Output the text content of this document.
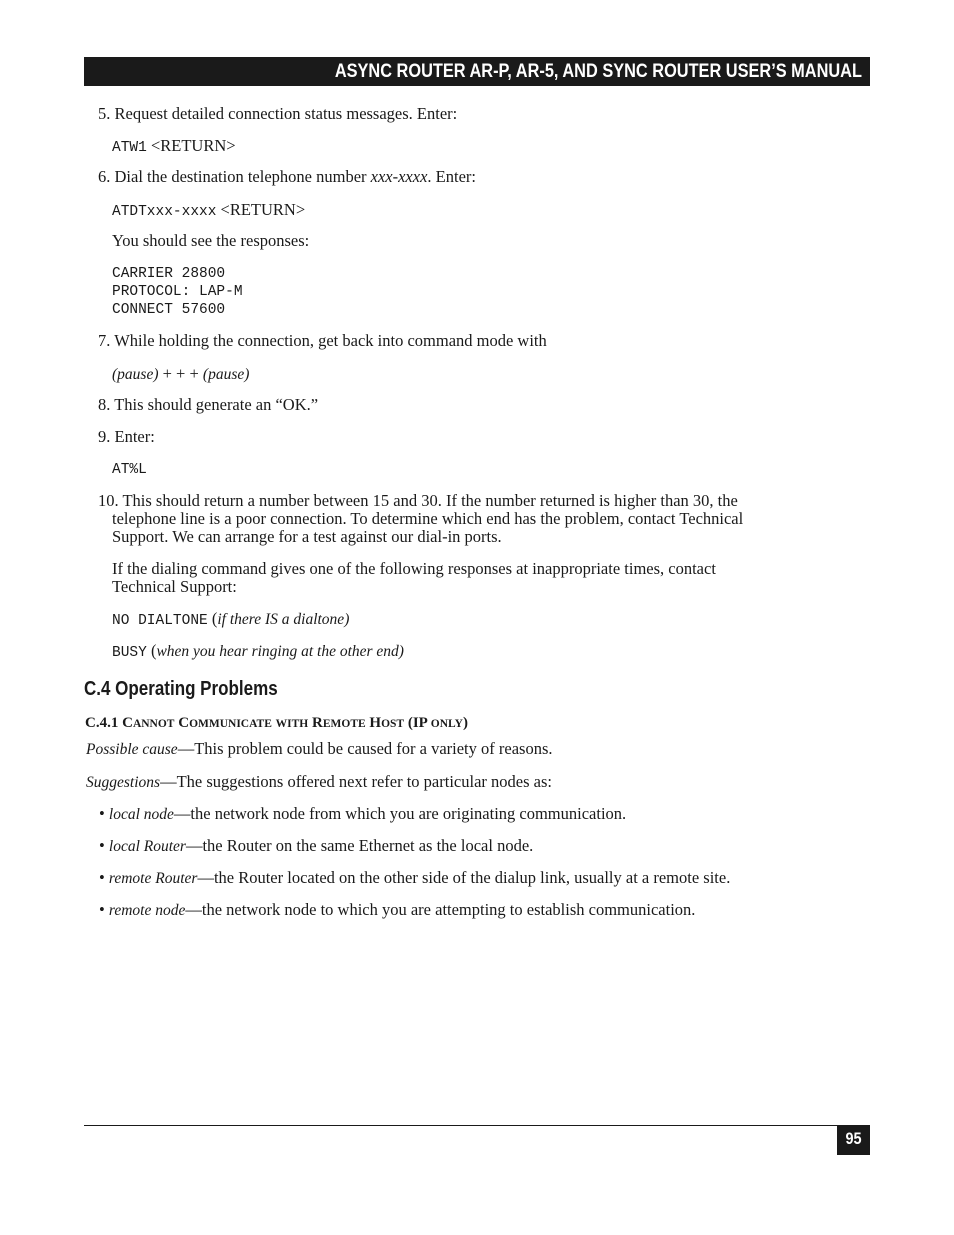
ASYNC ROUTER AR-P, AR-5, AND SYNC ROUTER USER’S MANUAL
5. Request detailed connection status messages. Enter:
ATW1 <RETURN>
6. Dial the destination telephone number xxx-xxxx. Enter:
ATDTxxx-xxxx <RETURN>
You should see the responses:
CARRIER 28800
PROTOCOL: LAP-M
CONNECT 57600
7. While holding the connection, get back into command mode with
(pause) + + + (pause)
8. This should generate an “OK.”
9. Enter:
AT%L
10. This should return a number between 15 and 30. If the number returned is higher than 30, the
telephone line is a poor connection. To determine which end has the problem, contact Technical
Support. We can arrange for a test against our dial-in ports.
If the dialing command gives one of the following responses at inappropriate times, contact
Technical Support:
NO DIALTONE (if there IS a dialtone)
BUSY (when you hear ringing at the other end)
C.4 Operating Problems
C.4.1 CANNOT COMMUNICATE WITH REMOTE HOST (IP ONLY)
Possible cause—This problem could be caused for a variety of reasons.
Suggestions—The suggestions offered next refer to particular nodes as:
• local node—the network node from which you are originating communication.
• local Router—the Router on the same Ethernet as the local node.
• remote Router—the Router located on the other side of the dialup link, usually at a remote site.
• remote node—the network node to which you are attempting to establish communication.
95
